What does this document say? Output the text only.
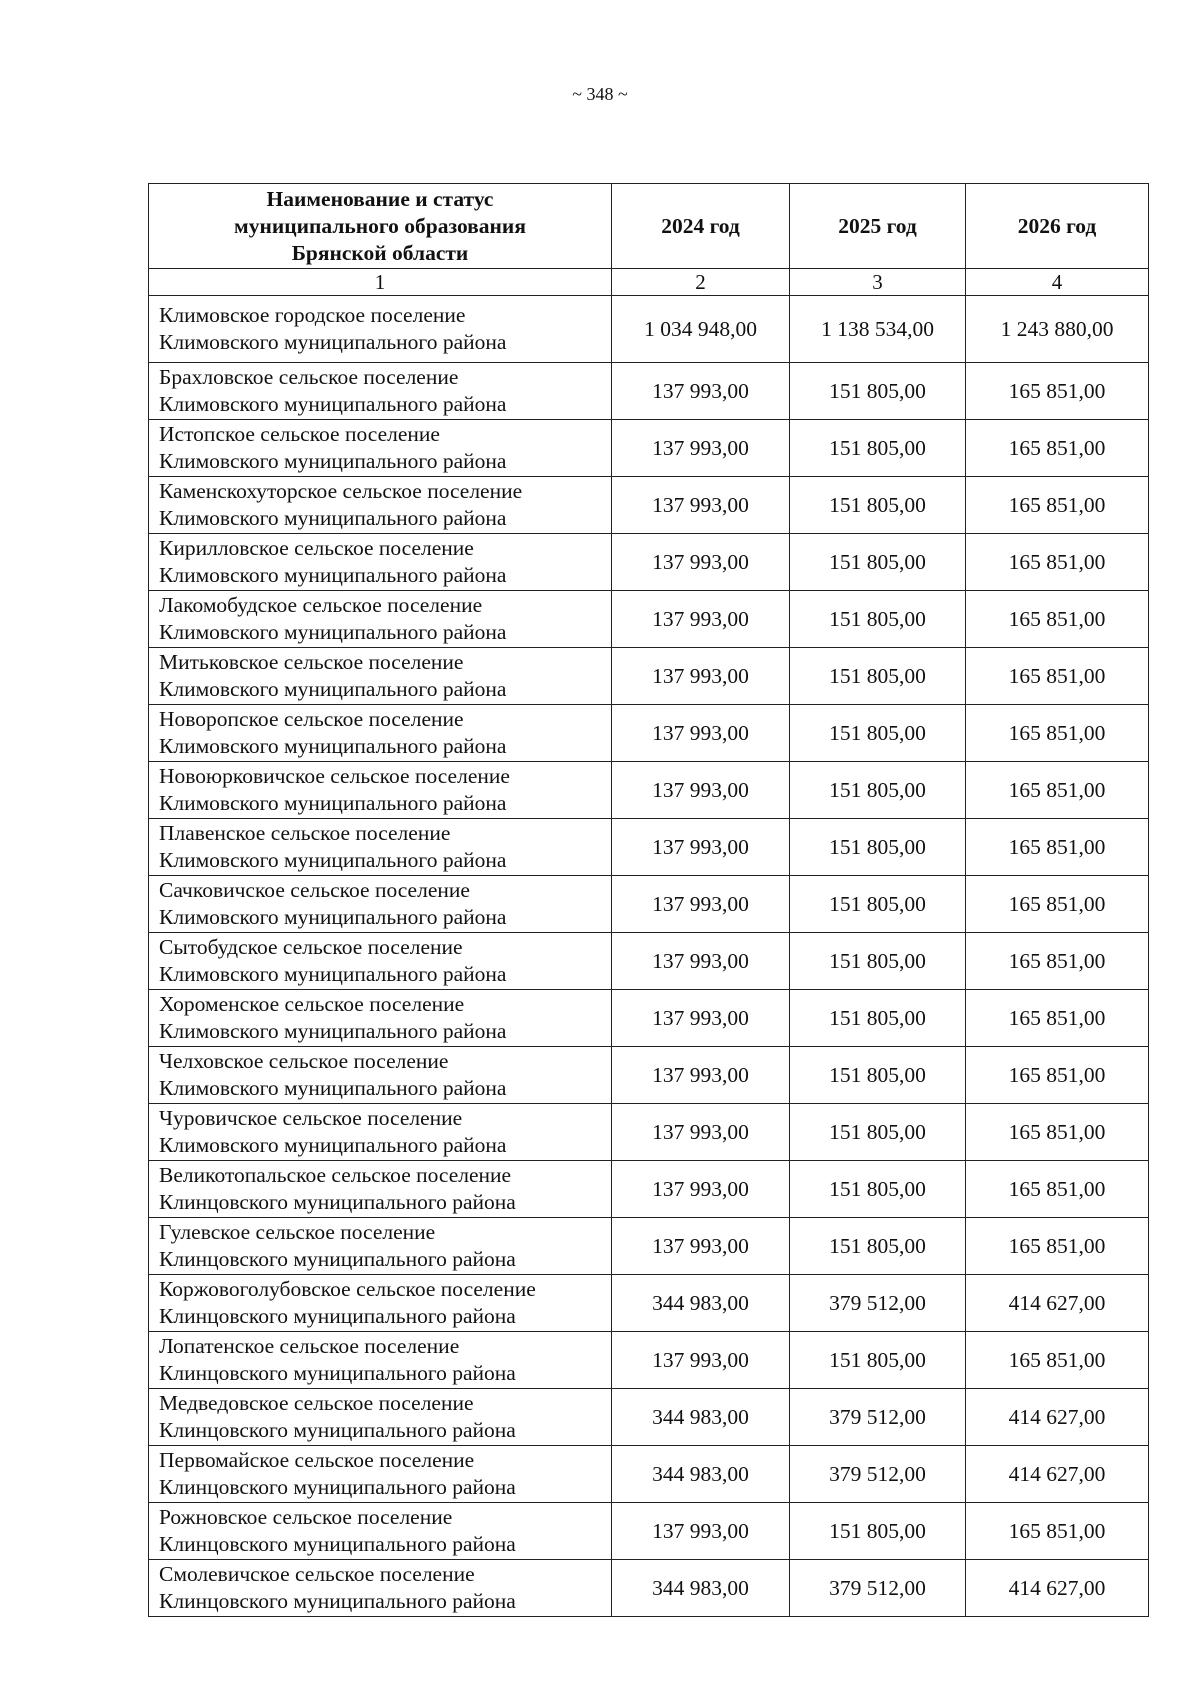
~ 348 ~
Наименование и статус
муниципального образования
Брянской области	2024 год	2025 год	2026 год
1	2	3	4

Климовское городское поселение
Климовского муниципального района	1 034 948,00	1 138 534,00	1 243 880,00

Брахловское сельское поселение
Климовского муниципального района	137 993,00	151 805,00	165 851,00

Истопское сельское поселение
Климовского муниципального района	137 993,00	151 805,00	165 851,00

Каменскохуторское сельское поселение
Климовского муниципального района	137 993,00	151 805,00	165 851,00

Кирилловское сельское поселение
Климовского муниципального района	137 993,00	151 805,00	165 851,00

Лакомобудское сельское поселение
Климовского муниципального района	137 993,00	151 805,00	165 851,00

Митьковское сельское поселение
Климовского муниципального района	137 993,00	151 805,00	165 851,00

Новоропское сельское поселение
Климовского муниципального района	137 993,00	151 805,00	165 851,00

Новоюрковичское сельское поселение
Климовского муниципального района	137 993,00	151 805,00	165 851,00

Плавенское сельское поселение
Климовского муниципального района	137 993,00	151 805,00	165 851,00

Сачковичское сельское поселение
Климовского муниципального района	137 993,00	151 805,00	165 851,00

Сытобудское сельское поселение
Климовского муниципального района	137 993,00	151 805,00	165 851,00

Хороменское сельское поселение
Климовского муниципального района	137 993,00	151 805,00	165 851,00

Челховское сельское поселение
Климовского муниципального района	137 993,00	151 805,00	165 851,00

Чуровичское сельское поселение
Климовского муниципального района	137 993,00	151 805,00	165 851,00

Великотопальское сельское поселение
Клинцовского муниципального района	137 993,00	151 805,00	165 851,00

Гулевское сельское поселение
Клинцовского муниципального района	137 993,00	151 805,00	165 851,00

Коржовоголубовское сельское поселение
Клинцовского муниципального района	344 983,00	379 512,00	414 627,00

Лопатенское сельское поселение
Клинцовского муниципального района	137 993,00	151 805,00	165 851,00

Медведовское сельское поселение
Клинцовского муниципального района	344 983,00	379 512,00	414 627,00

Первомайское сельское поселение
Клинцовского муниципального района	344 983,00	379 512,00	414 627,00

Рожновское сельское поселение
Клинцовского муниципального района	137 993,00	151 805,00	165 851,00

Смолевичское сельское поселение
Клинцовского муниципального района	344 983,00	379 512,00	414 627,00
